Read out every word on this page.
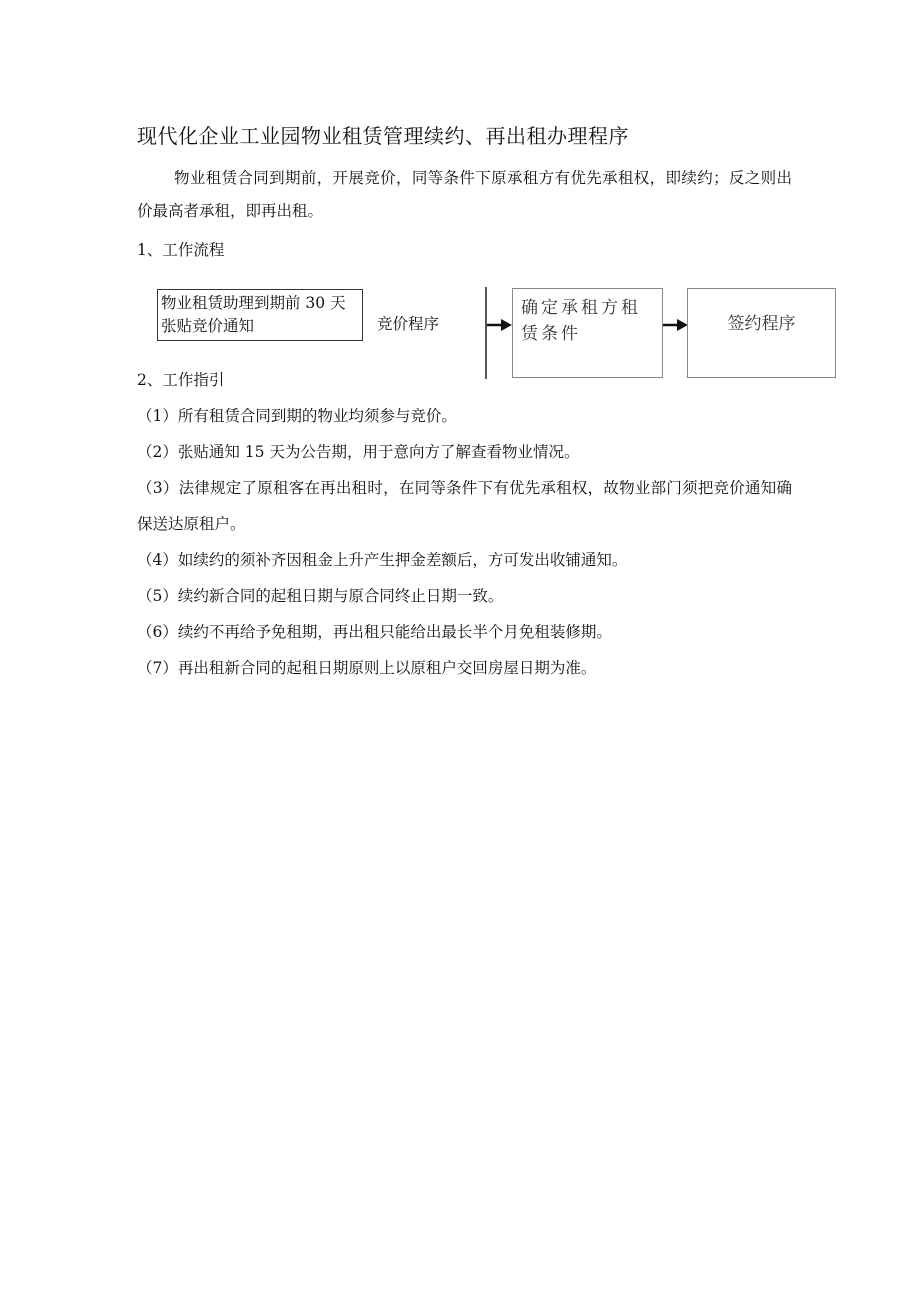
现代化企业工业园物业租赁管理续约、再出租办理程序
物业租赁合同到期前，开展竞价，同等条件下原承租方有优先承租权，即续约；反之则出价最高者承租，即再出租。
1、工作流程
物业租赁助理到期前 30 天
张贴竞价通知	竞价程序
确定承租方租赁条件	签约程序
2、工作指引

（1）所有租赁合同到期的物业均须参与竞价。

（2）张贴通知 15 天为公告期，用于意向方了解查看物业情况。

（3）法律规定了原租客在再出租时，在同等条件下有优先承租权，故物业部门须把竞价通知确保送达原租户。

（4）如续约的须补齐因租金上升产生押金差额后，方可发出收铺通知。

（5）续约新合同的起租日期与原合同终止日期一致。

（6）续约不再给予免租期，再出租只能给出最长半个月免租装修期。

（7）再出租新合同的起租日期原则上以原租户交回房屋日期为准。
